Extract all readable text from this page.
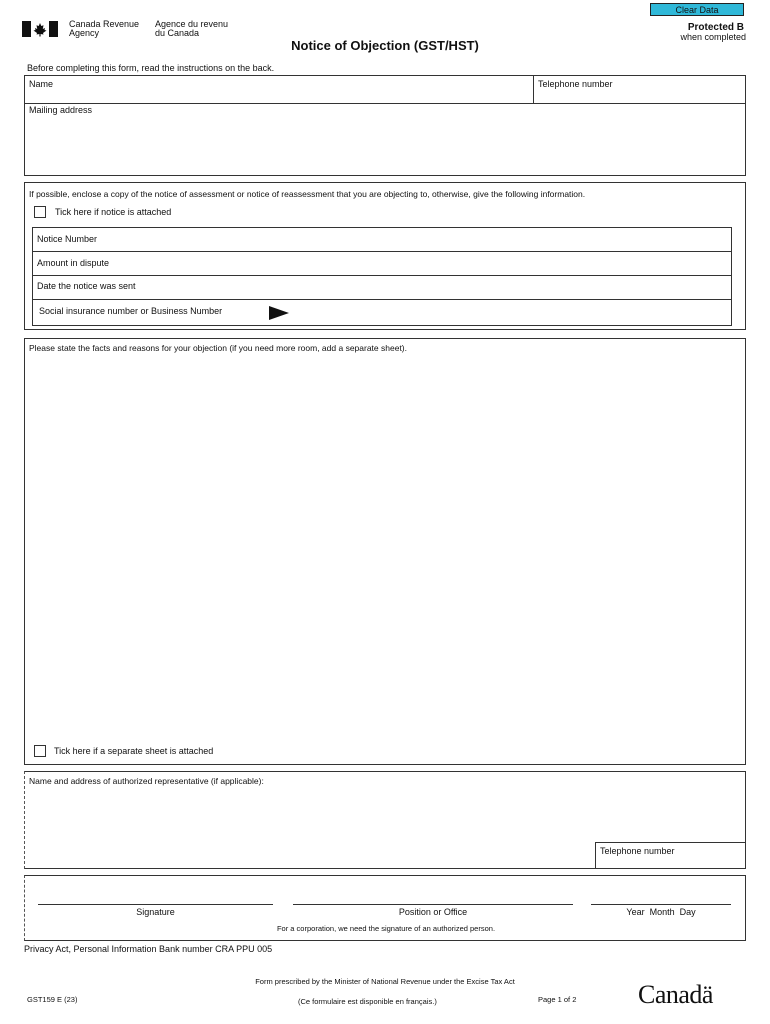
Clear Data
Canada Revenue
Agency
Agence du revenu
du Canada	Protected B
when completed
Notice of Objection (GST/HST)
Before completing this form, read the instructions on the back.
Name	Telephone number
Mailing address
If possible, enclose a copy of the notice of assessment or notice of reassessment that you are objecting to, otherwise, give the following information.
Tick here if notice is attached
Notice Number
Amount in dispute
Date the notice was sent
Social insurance number or Business Number
Please state the facts and reasons for your objection (if you need more room, add a separate sheet).
Tick here if a separate sheet is attached
Name and address of authorized representative (if applicable):
Telephone number
Signature	Position or Office	Year  Month  Day
For a corporation, we need the signature of an authorized person.
Privacy Act, Personal Information Bank number CRA PPU 005
Form prescribed by the Minister of National Revenue under the Excise Tax Act
GST159 E (23)	(Ce formulaire est disponible en français.)	Page 1 of 2 Canadä
